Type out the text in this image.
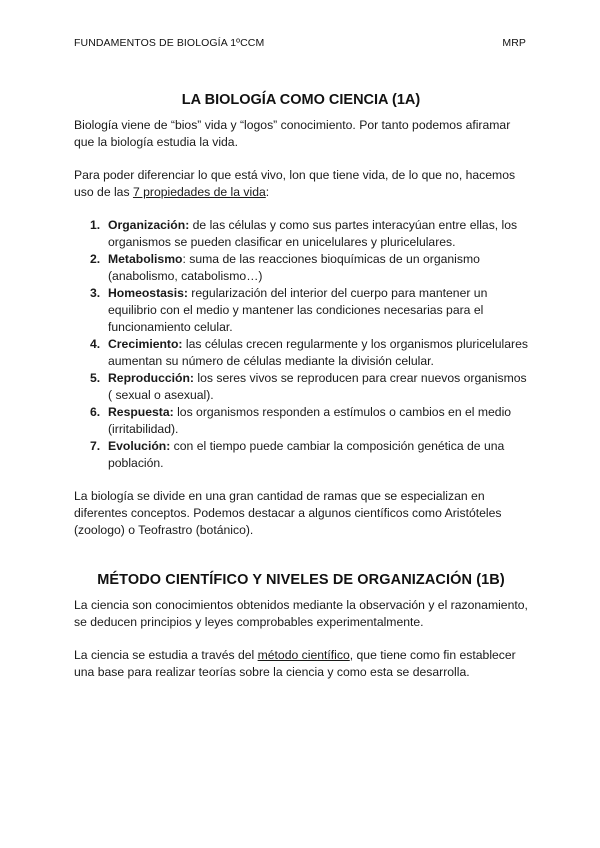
FUNDAMENTOS DE BIOLOGÍA 1ºCCM	MRP
LA BIOLOGÍA COMO CIENCIA (1A)

Biología viene de “bios” vida y “logos” conocimiento. Por tanto podemos afiramar que la biología estudia la vida.

Para poder diferenciar lo que está vivo, lon que tiene vida, de lo que no, hacemos uso de las 7 propiedades de la vida:

1. Organización: de las células y como sus partes interacyúan entre ellas, los organismos se pueden clasificar en unicelulares y pluricelulares.
2. Metabolismo: suma de las reacciones bioquímicas de un organismo (anabolismo, catabolismo…)
3. Homeostasis: regularización del interior del cuerpo para mantener un equilibrio con el medio y mantener las condiciones necesarias para el funcionamiento celular.
4. Crecimiento: las células crecen regularmente y los organismos pluricelulares aumentan su número de células mediante la división celular.
5. Reproducción: los seres vivos se reproducen para crear nuevos organismos ( sexual o asexual).
6. Respuesta: los organismos responden a estímulos o cambios en el medio (irritabilidad).
7. Evolución: con el tiempo puede cambiar la composición genética de una población.

La biología se divide en una gran cantidad de ramas que se especializan en diferentes conceptos. Podemos destacar a algunos científicos como Aristóteles (zoologo) o Teofrastro (botánico).

MÉTODO CIENTÍFICO Y NIVELES DE ORGANIZACIÓN (1B)

La ciencia son conocimientos obtenidos mediante la observación y el razonamiento, se deducen principios y leyes comprobables experimentalmente.

La ciencia se estudia a través del método científico, que tiene como fin establecer una base para realizar teorías sobre la ciencia y como esta se desarrolla.
